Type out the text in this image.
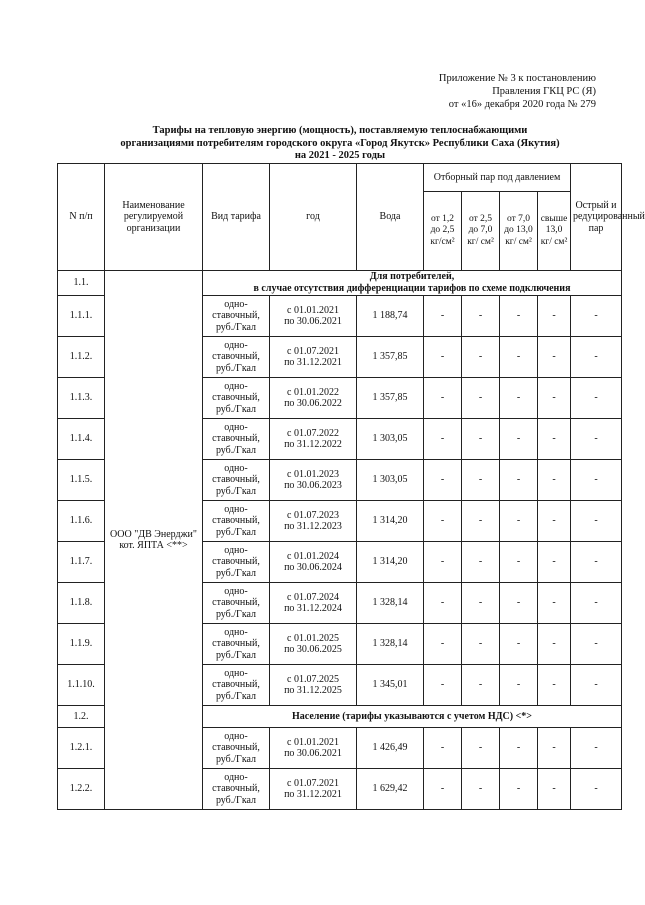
Приложение № 3 к постановлению
Правления ГКЦ РС (Я)
от «16» декабря 2020 года № 279
Тарифы на тепловую энергию (мощность), поставляемую теплоснабжающими
организациями потребителям городского округа «Город Якутск» Республики Саха (Якутия)
на 2021 - 2025 годы
N п/п	Наименование регулируемой организации	Вид тарифа	год	Вода	Отборный пар под давлением				Острый и редуцированный пар
					от 1,2 до 2,5 кг/см²	от 2,5 до 7,0 кг/ см²	от 7,0 до 13,0 кг/ см²	свыше 13,0 кг/ см²	
1.1.	ООО "ДВ Энерджи" кот. ЯПТА <**>	Для потребителей,
в случае отсутствия дифференциации тарифов по схеме подключения							

1.1.1.		одно-ставочный, руб./Гкал	с 01.01.2021
по 30.06.2021	1 188,74	-	-	-	-	-
1.1.2.		одно-ставочный, руб./Гкал	с 01.07.2021
по 31.12.2021	1 357,85	-	-	-	-	-
1.1.3.		одно-ставочный, руб./Гкал	с 01.01.2022
по 30.06.2022	1 357,85	-	-	-	-	-
1.1.4.		одно-ставочный, руб./Гкал	с 01.07.2022
по 31.12.2022	1 303,05	-	-	-	-	-
1.1.5.		одно-ставочный, руб./Гкал	с 01.01.2023
по 30.06.2023	1 303,05	-	-	-	-	-
1.1.6.		одно-ставочный, руб./Гкал	с 01.07.2023
по 31.12.2023	1 314,20	-	-	-	-	-
1.1.7.		одно-ставочный, руб./Гкал	с 01.01.2024
по 30.06.2024	1 314,20	-	-	-	-	-
1.1.8.		одно-ставочный, руб./Гкал	с 01.07.2024
по 31.12.2024	1 328,14	-	-	-	-	-
1.1.9.		одно-ставочный, руб./Гкал	с 01.01.2025
по 30.06.2025	1 328,14	-	-	-	-	-
1.1.10.		одно-ставочный, руб./Гкал	с 01.07.2025
по 31.12.2025	1 345,01	-	-	-	-	-
1.2.		Население (тарифы указываются с учетом НДС) <*>							

1.2.1.		одно-ставочный, руб./Гкал	с 01.01.2021
по 30.06.2021	1 426,49	-	-	-	-	-
1.2.2.		одно-ставочный, руб./Гкал	с 01.07.2021
по 31.12.2021	1 629,42	-	-	-	-	-
